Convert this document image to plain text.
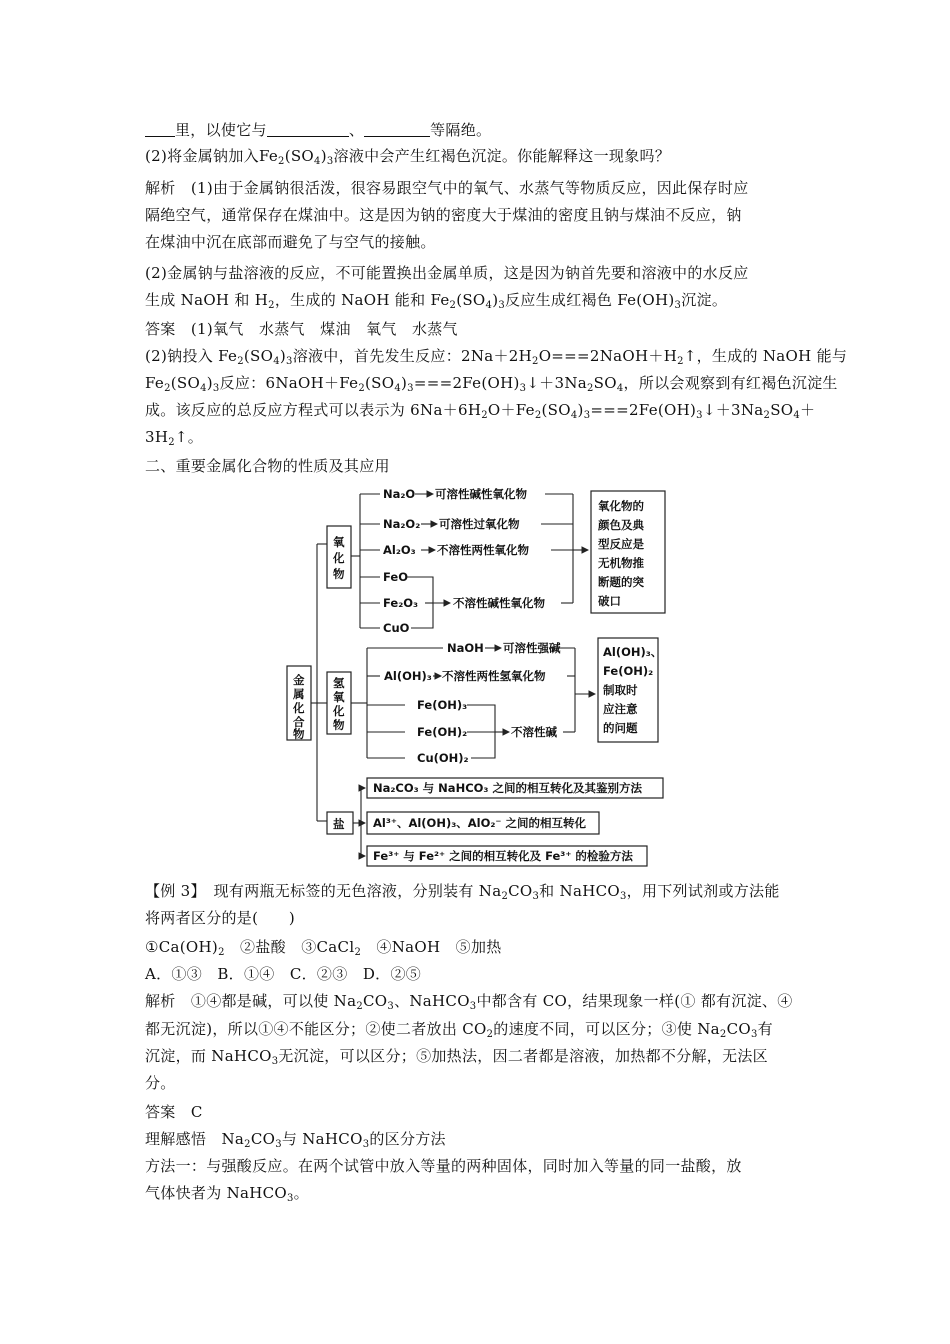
里，以使它与	、	等隔绝。
(2)将金属钠加入$Fe_2(SO_4)_3$溶液中会产生红褐色沉淀。你能解释这一现象吗？
解析　(1)由于金属钠很活泼，很容易跟空气中的氧气、水蒸气等物质反应，因此保存时应
隔绝空气，通常保存在煤油中。这是因为钠的密度大于煤油的密度且钠与煤油不反应，钠
在煤油中沉在底部而避免了与空气的接触。
(2)金属钠与盐溶液的反应，不可能置换出金属单质，这是因为钠首先要和溶液中的水反应
生成 NaOH 和 $H_2$，生成的 NaOH 能和 $Fe_2(SO_4)_3$反应生成红褐色 $Fe(OH)_3$沉淀。
答案　(1)氧气　水蒸气　煤油　氧气　水蒸气
(2)钠投入 $Fe_2(SO_4)_3$溶液中，首先发生反应：$2Na+2H_2O===2NaOH+H_2↑$，生成的 NaOH 能与
$Fe_2(SO_4)_3$反应：$6NaOH+Fe_2(SO_4)_3===2Fe(OH)_3↓+3Na_2SO_4$，所以会观察到有红褐色沉淀生
成。该反应的总反应方程式可以表示为 $6Na+6H_2O+Fe_2(SO_4)_3===2Fe(OH)_3↓+3Na_2SO_4+$
$3H_2↑$。
二、重要金属化合物的性质及其应用
金属化合物
氧化物
Na₂O 可溶性碱性氧化物
Na₂O₂ 可溶性过氧化物
Al₂O₃ 不溶性两性氧化物
FeO
Fe₂O₃
CuO
不溶性碱性氧化物
氧化物的颜色及典型反应是无机物推断题的突破口
氢氧化物
NaOH 可溶性强碱
Al(OH)₃ 不溶性两性氢氧化物
Fe(OH)₃
Fe(OH)₂
Cu(OH)₂
不溶性碱
Al(OH)₃、 Fe(OH)₂ 制取时应注意的问题
盐
Na₂CO₃ 与 NaHCO₃ 之间的相互转化及其鉴别方法
Al³⁺、Al(OH)₃、AlO₂⁻ 之间的相互转化
Fe³⁺ 与 Fe²⁺ 之间的相互转化及 Fe³⁺ 的检验方法
【例 3】　现有两瓶无标签的无色溶液，分别装有 $Na_2CO_3$和 NaHCO$_3$，用下列试剂或方法能
将两者区分的是(　　)
$①Ca(OH)_2$　②盐酸　③CaCl$_2$　④NaOH　⑤加热
A．①③　B．①④　C．②③　D．②⑤
解析　①④都是碱，可以使 $Na_2CO_3$、NaHCO$_3$中都含有 CO，结果现象一样(① 都有沉淀、④
都无沉淀)，所以①④不能区分；②使二者放出 $CO_2$的速度不同，可以区分；③使 $Na_2CO_3$有
沉淀，而 NaHCO$_3$无沉淀，可以区分；⑤加热法，因二者都是溶液，加热都不分解，无法区
分。
答案　C
理解感悟　$Na_2CO_3$与 NaHCO$_3$的区分方法
方法一：与强酸反应。在两个试管中放入等量的两种固体，同时加入等量的同一盐酸，放
气体快者为 NaHCO$_3$。
